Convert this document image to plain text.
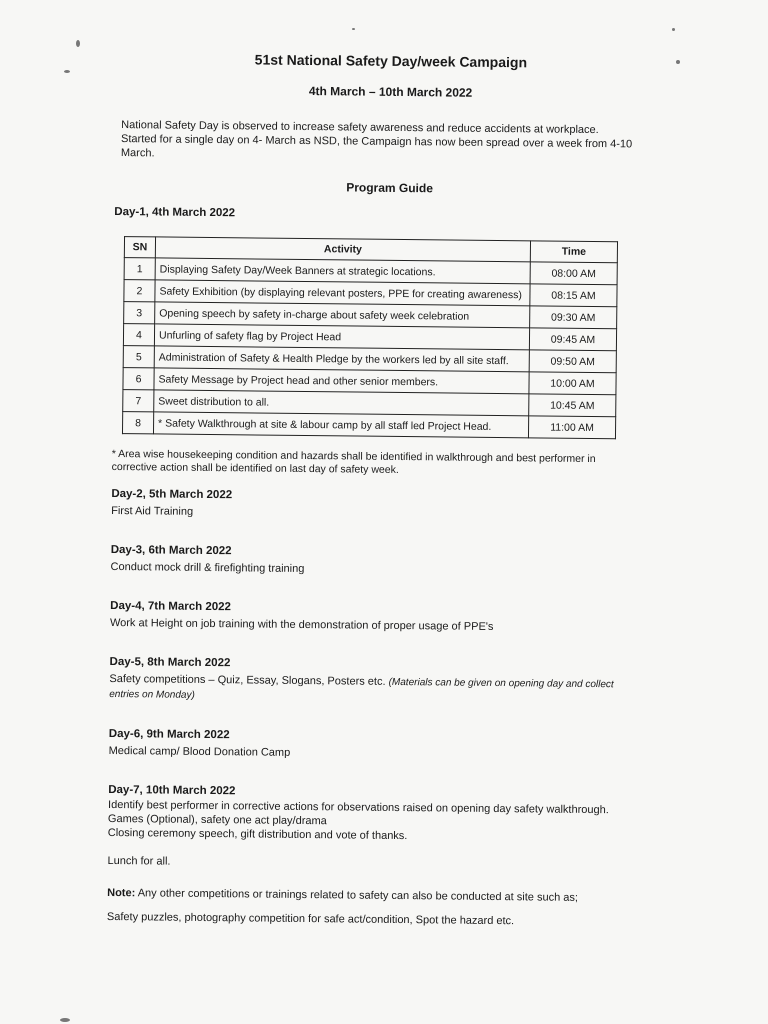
51st National Safety Day/week Campaign

4th March – 10th March 2022

National Safety Day is observed to increase safety awareness and reduce accidents at workplace. Started for a single day on 4- March as NSD, the Campaign has now been spread over a week from 4-10 March.

Program Guide

Day-1, 4th March 2022

SN	Activity	Time
1	Displaying Safety Day/Week Banners at strategic locations.	08:00 AM
2	Safety Exhibition (by displaying relevant posters, PPE for creating awareness)	08:15 AM
3	Opening speech by safety in-charge about safety week celebration	09:30 AM
4	Unfurling of safety flag by Project Head	09:45 AM
5	Administration of Safety & Health Pledge by the workers led by all site staff.	09:50 AM
6	Safety Message by Project head and other senior members.	10:00 AM
7	Sweet distribution to all.	10:45 AM
8	* Safety Walkthrough at site & labour camp by all staff led Project Head.	11:00 AM

* Area wise housekeeping condition and hazards shall be identified in walkthrough and best performer in corrective action shall be identified on last day of safety week.

Day-2, 5th March 2022

First Aid Training

Day-3, 6th March 2022

Conduct mock drill & firefighting training

Day-4, 7th March 2022

Work at Height on job training with the demonstration of proper usage of PPE's

Day-5, 8th March 2022

Safety competitions – Quiz, Essay, Slogans, Posters etc. (Materials can be given on opening day and collect entries on Monday)

Day-6, 9th March 2022

Medical camp/ Blood Donation Camp

Day-7, 10th March 2022

Identify best performer in corrective actions for observations raised on opening day safety walkthrough.

Games (Optional), safety one act play/drama

Closing ceremony speech, gift distribution and vote of thanks.

Lunch for all.

Note: Any other competitions or trainings related to safety can also be conducted at site such as;

Safety puzzles, photography competition for safe act/condition, Spot the hazard etc.
